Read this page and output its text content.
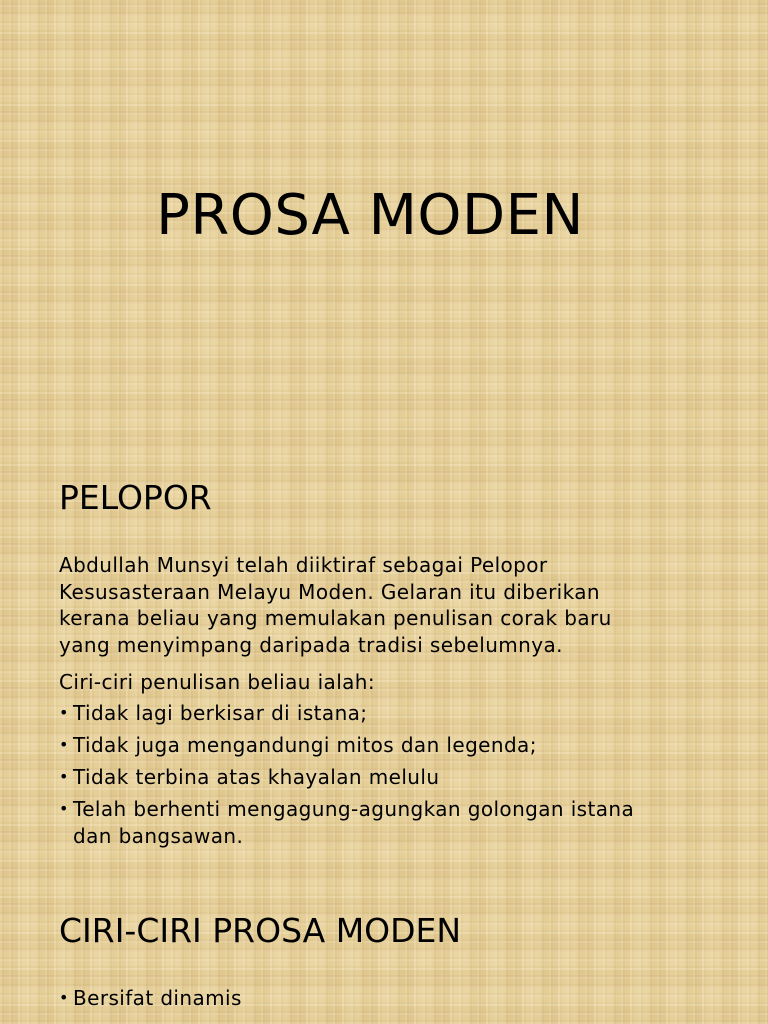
PROSA MODEN
PELOPOR

Abdullah Munsyi telah diiktiraf sebagai Pelopor
Kesusasteraan Melayu Moden. Gelaran itu diberikan
kerana beliau yang memulakan penulisan corak baru
yang menyimpang daripada tradisi sebelumnya.

Ciri-ciri penulisan beliau ialah:

• Tidak lagi berkisar di istana;
• Tidak juga mengandungi mitos dan legenda;
• Tidak terbina atas khayalan melulu
• Telah berhenti mengagung-agungkan golongan istana
dan bangsawan.
CIRI-CIRI PROSA MODEN
• Bersifat dinamis
